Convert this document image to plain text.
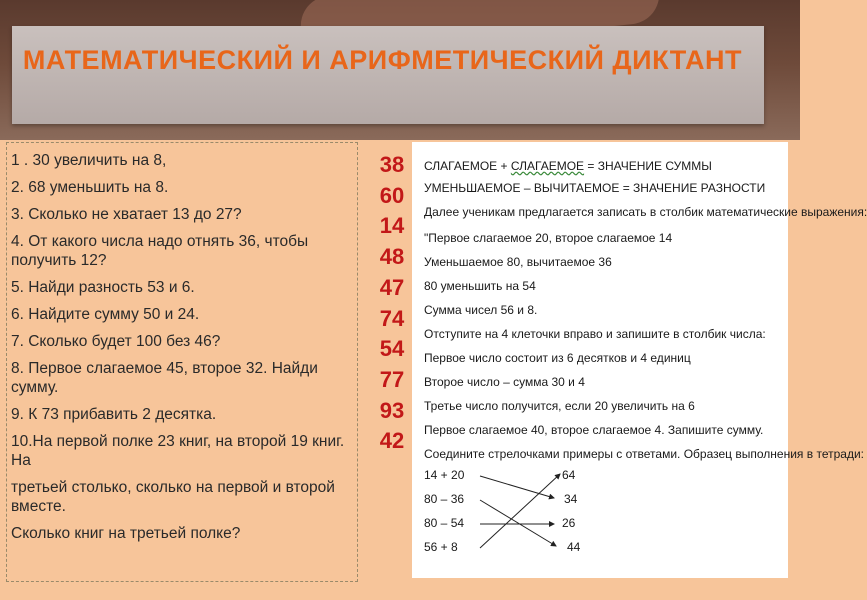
МАТЕМАТИЧЕСКИЙ И АРИФМЕТИЧЕСКИЙ ДИКТАНТ
1 . 30 увеличить на 8,
2. 68 уменьшить на 8.
3. Сколько не хватает 13 до 27?
4. От какого числа надо отнять 36, чтобы получить 12?
5. Найди разность 53 и 6.
6. Найдите сумму 50 и 24.
7. Сколько будет 100 без 46?
8. Первое слагаемое 45, второе 32. Найди сумму.
9. К 73 прибавить 2 десятка.
10.На первой полке 23 книг, на второй 19 книг. На
третьей столько, сколько на первой и второй вместе.
Сколько книг на третьей полке?
38
60
14
48
47
74
54
77
93
42
СЛАГАЕМОЕ + СЛАГАЕМОЕ = ЗНАЧЕНИЕ СУММЫ
УМЕНЬШАЕМОЕ – ВЫЧИТАЕМОЕ = ЗНАЧЕНИЕ РАЗНОСТИ
Далее ученикам предлагается записать в столбик математические выражения:
"Первое слагаемое 20, второе слагаемое 14
Уменьшаемое 80, вычитаемое 36
80 уменьшить на 54
Сумма чисел 56 и 8.
Отступите на 4 клеточки вправо и запишите в столбик числа:
Первое число состоит из 6 десятков и 4 единиц
Второе число – сумма 30 и 4
Третье число получится, если 20 увеличить на 6
Первое слагаемое 40, второе слагаемое 4. Запишите сумму.
Соедините стрелочками примеры с ответами. Образец выполнения в тетради:
14 + 20
80 – 36
80 – 54
56 + 8
64
34
26
44
